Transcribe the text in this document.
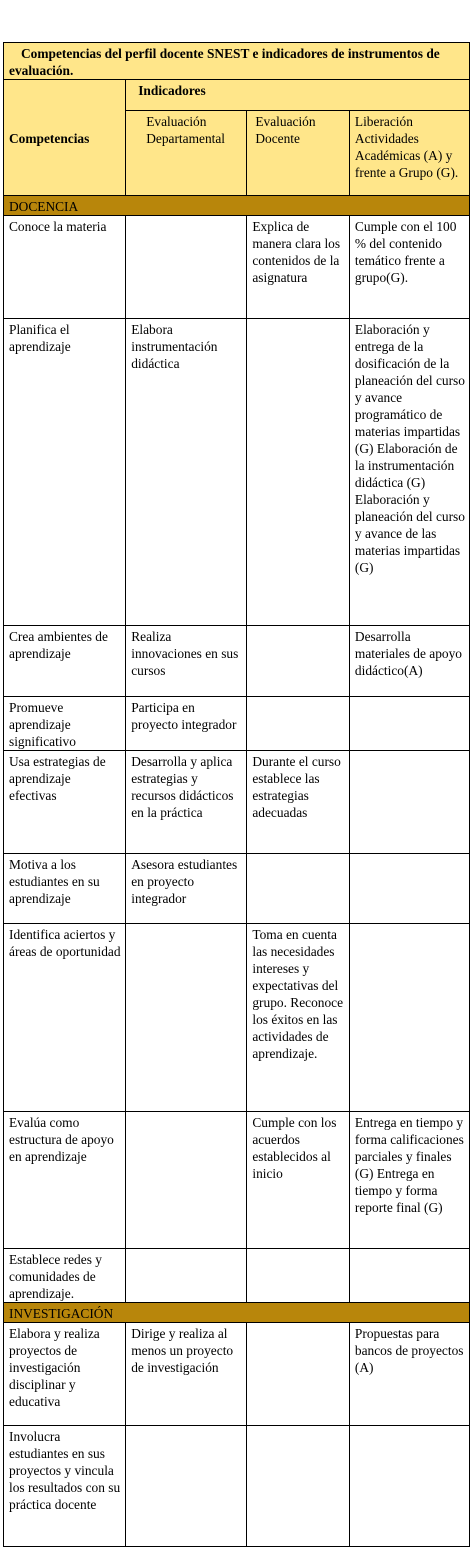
Competencias del perfil docente SNEST e indicadores de instrumentos de evaluación.			
Competencias	Indicadores		
	Evaluación Departamental	Evaluación Docente	Liberación Actividades Académicas (A) y frente a Grupo (G).
DOCENCIA			
Conoce la materia		Explica de manera clara los contenidos de la asignatura	Cumple con el 100 % del contenido temático frente a grupo(G).
Planifica el aprendizaje	Elabora instrumentación didáctica		Elaboración y entrega de la dosificación de la planeación del curso y avance programático de materias impartidas (G) Elaboración de la instrumentación didáctica (G) Elaboración y planeación del curso y avance de las materias impartidas (G)
Crea ambientes de aprendizaje	Realiza innovaciones en sus cursos		Desarrolla materiales de apoyo didáctico(A)
Promueve aprendizaje significativo	Participa en proyecto integrador		
Usa estrategias de aprendizaje efectivas	Desarrolla y aplica estrategias y recursos didácticos en la práctica	Durante el curso establece las estrategias adecuadas	
Motiva a los estudiantes en su aprendizaje	Asesora estudiantes en proyecto integrador		
Identifica aciertos y áreas de oportunidad		Toma en cuenta las necesidades intereses y expectativas del grupo. Reconoce los éxitos en las actividades de aprendizaje.	
Evalúa como estructura de apoyo en aprendizaje		Cumple con los acuerdos establecidos al inicio	Entrega en tiempo y forma calificaciones parciales y finales (G) Entrega en tiempo y forma reporte final (G)
Establece redes y comunidades de aprendizaje.			
INVESTIGACIÓN			
Elabora y realiza proyectos de investigación disciplinar y educativa	Dirige y realiza al menos un proyecto de investigación		Propuestas para bancos de proyectos (A)
Involucra estudiantes en sus proyectos y vincula los resultados con su práctica docente			
